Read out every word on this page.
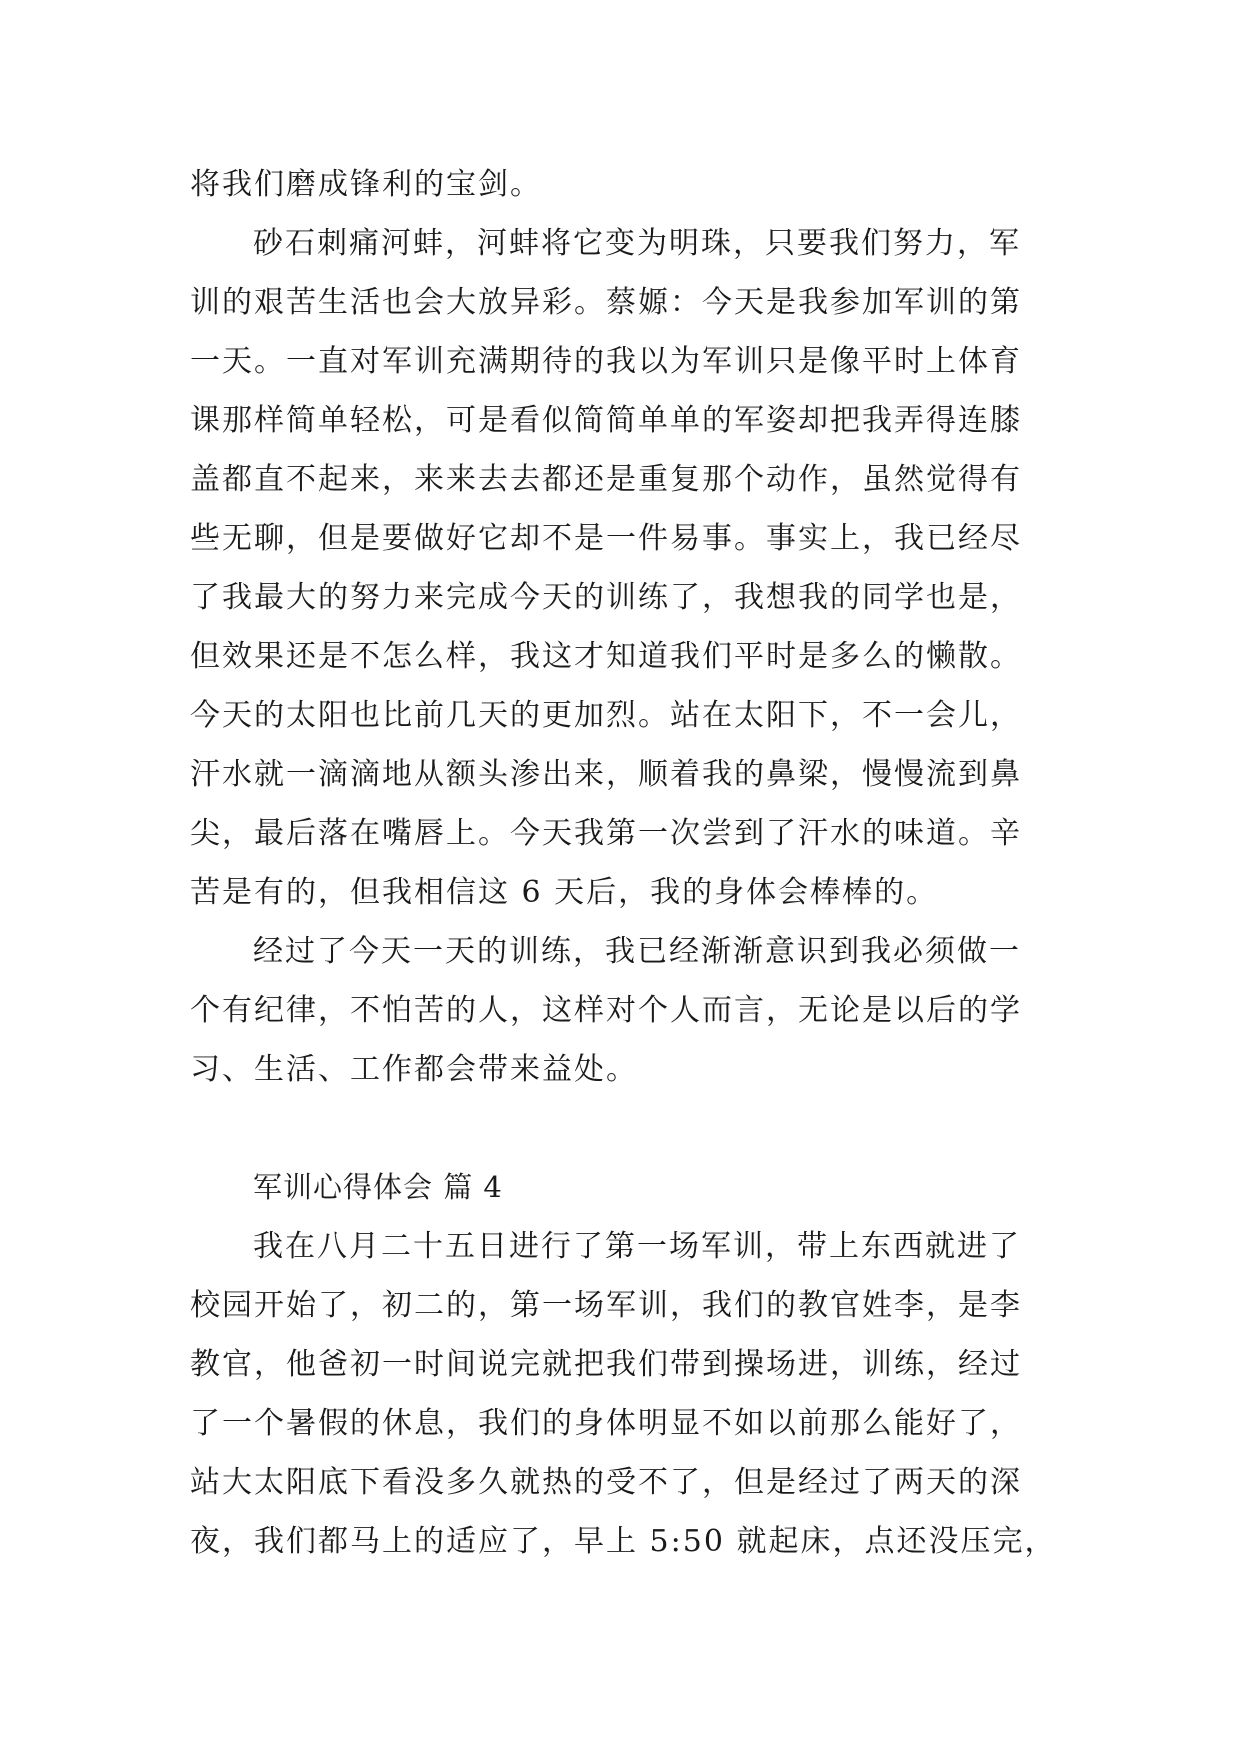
将我们磨成锋利的宝剑。
砂石刺痛河蚌，河蚌将它变为明珠，只要我们努力，军
训的艰苦生活也会大放异彩。蔡嫄：今天是我参加军训的第
一天。一直对军训充满期待的我以为军训只是像平时上体育
课那样简单轻松，可是看似简简单单的军姿却把我弄得连膝
盖都直不起来，来来去去都还是重复那个动作，虽然觉得有
些无聊，但是要做好它却不是一件易事。事实上，我已经尽
了我最大的努力来完成今天的训练了，我想我的同学也是，
但效果还是不怎么样，我这才知道我们平时是多么的懒散。
今天的太阳也比前几天的更加烈。站在太阳下，不一会儿，
汗水就一滴滴地从额头渗出来，顺着我的鼻梁，慢慢流到鼻
尖，最后落在嘴唇上。今天我第一次尝到了汗水的味道。辛
苦是有的，但我相信这 6 天后，我的身体会棒棒的。
经过了今天一天的训练，我已经渐渐意识到我必须做一
个有纪律，不怕苦的人，这样对个人而言，无论是以后的学
习、生活、工作都会带来益处。
军训心得体会 篇 4
我在八月二十五日进行了第一场军训，带上东西就进了
校园开始了，初二的，第一场军训，我们的教官姓李，是李
教官，他爸初一时间说完就把我们带到操场进，训练，经过
了一个暑假的休息，我们的身体明显不如以前那么能好了，
站大太阳底下看没多久就热的受不了，但是经过了两天的深
夜，我们都马上的适应了，早上 5:50 就起床，点还没压完，
